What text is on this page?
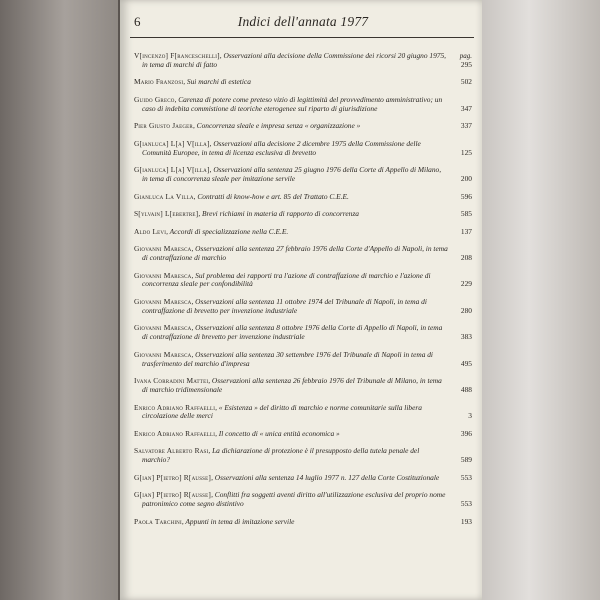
6	Indici dell'annata 1977
pag.
V[incenzo] F[ranceschelli], Osservazioni alla decisione della Commissione dei ricorsi 20 giugno 1975, in tema di marchi di fatto	295
Mario Franzosi, Sui marchi di estetica	502
Guido Greco, Carenza di potere come preteso vizio di legittimità del provvedimento amministrativo; un caso di indebita commistione di teoriche eterogenee sul riparto di giurisdizione	347
Pier Giusto Jaeger, Concorrenza sleale e impresa senza « organizzazione »	337
G[ianluca] L[a] V[illa], Osservazioni alla decisione 2 dicembre 1975 della Commissione delle Comunità Europee, in tema di licenza esclusiva di brevetto	125
G[ianluca] L[a] V[illa], Osservazioni alla sentenza 25 giugno 1976 della Corte di Appello di Milano, in tema di concorrenza sleale per imitazione servile	200
Gianluca La Villa, Contratti di know-how e art. 85 del Trattato C.E.E.	596
S[ylvain] L[ebertre], Brevi richiami in materia di rapporto di concorrenza	585
Aldo Levi, Accordi di specializzazione nella C.E.E.	137
Giovanni Maresca, Osservazioni alla sentenza 27 febbraio 1976 della Corte d'Appello di Napoli, in tema di contraffazione di marchio	208
Giovanni Maresca, Sul problema dei rapporti tra l'azione di contraffazione di marchio e l'azione di concorrenza sleale per confondibilità	229
Giovanni Maresca, Osservazioni alla sentenza 11 ottobre 1974 del Tribunale di Napoli, in tema di contraffazione di brevetto per invenzione industriale	280
Giovanni Maresca, Osservazioni alla sentenza 8 ottobre 1976 della Corte di Appello di Napoli, in tema di contraffazione di brevetto per invenzione industriale	383
Giovanni Maresca, Osservazioni alla sentenza 30 settembre 1976 del Tribunale di Napoli in tema di trasferimento del marchio d'impresa	495
Ivana Corradini Mattei, Osservazioni alla sentenza 26 febbraio 1976 del Tribunale di Milano, in tema di marchio tridimensionale	488
Enrico Adriano Raffaelli, « Esistenza » del diritto di marchio e norme comunitarie sulla libera circolazione delle merci	3
Enrico Adriano Raffaelli, Il concetto di « unica entità economica »	396
Salvatore Alberto Rasi, La dichiarazione di protezione è il presupposto della tutela penale del marchio?	589
G[ian] P[ietro] R[ausse], Osservazioni alla sentenza 14 luglio 1977 n. 127 della Corte Costituzionale	553
G[ian] P[ietro] R[ausse], Conflitti fra soggetti aventi diritto all'utilizzazione esclusiva del proprio nome patronimico come segno distintivo	553
Paola Tarchini, Appunti in tema di imitazione servile	193
